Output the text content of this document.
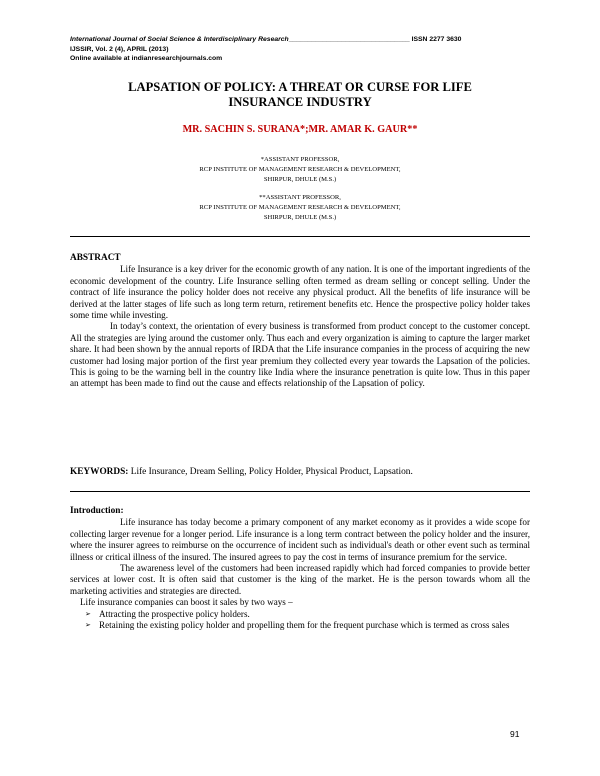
International Journal of Social Science & Interdisciplinary Research________________________________ ISSN 2277 3630
IJSSIR, Vol. 2 (4), APRIL (2013)
Online available at indianresearchjournals.com
LAPSATION OF POLICY: A THREAT OR CURSE FOR LIFE
INSURANCE INDUSTRY
MR. SACHIN S. SURANA*;MR. AMAR K. GAUR**
*ASSISTANT PROFESSOR,
RCP INSTITUTE OF MANAGEMENT RESEARCH & DEVELOPMENT,
SHIRPUR, DHULE (M.S.)
**ASSISTANT PROFESSOR,
RCP INSTITUTE OF MANAGEMENT RESEARCH & DEVELOPMENT,
SHIRPUR, DHULE (M.S.)
ABSTRACT

Life Insurance is a key driver for the economic growth of any nation. It is one of the important ingredients of the economic development of the country. Life Insurance selling often termed as dream selling or concept selling. Under the contract of life insurance the policy holder does not receive any physical product. All the benefits of life insurance will be derived at the latter stages of life such as long term return, retirement benefits etc. Hence the prospective policy holder takes some time while investing.

In today’s context, the orientation of every business is transformed from product concept to the customer concept. All the strategies are lying around the customer only. Thus each and every organization is aiming to capture the larger market share. It had been shown by the annual reports of IRDA that the Life insurance companies in the process of acquiring the new customer had losing major portion of the first year premium they collected every year towards the Lapsation of the policies. This is going to be the warning bell in the country like India where the insurance penetration is quite low. Thus in this paper an attempt has been made to find out the cause and effects relationship of the Lapsation of policy.

KEYWORDS: Life Insurance, Dream Selling, Policy Holder, Physical Product, Lapsation.
Introduction:

Life insurance has today become a primary component of any market economy as it provides a wide scope for collecting larger revenue for a longer period. Life insurance is a long term contract between the policy holder and the insurer, where the insurer agrees to reimburse on the occurrence of incident such as individual's death or other event such as terminal illness or critical illness of the insured. The insured agrees to pay the cost in terms of insurance premium for the service.

The awareness level of the customers had been increased rapidly which had forced companies to provide better services at lower cost. It is often said that customer is the king of the market. He is the person towards whom all the marketing activities and strategies are directed.

Life insurance companies can boost it sales by two ways –

➢ Attracting the prospective policy holders.
➢ Retaining the existing policy holder and propelling them for the frequent purchase which is termed as cross sales
91
